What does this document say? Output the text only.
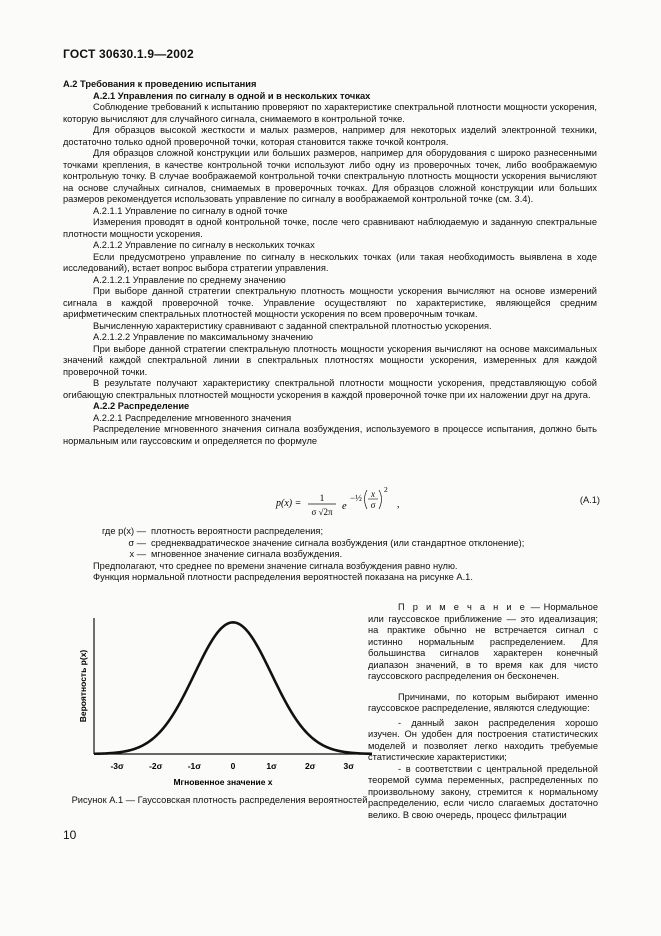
ГОСТ 30630.1.9—2002

А.2 Требования к проведению испытания

А.2.1 Управления по сигналу в одной и в нескольких точках

Соблюдение требований к испытанию проверяют по характеристике спектральной плотности мощности ускорения, которую вычисляют для случайного сигнала, снимаемого в контрольной точке.

Для образцов высокой жесткости и малых размеров, например для некоторых изделий электронной техники, достаточно только одной проверочной точки, которая становится также точкой контроля.

Для образцов сложной конструкции или больших размеров, например для оборудования с широко разнесенными точками крепления, в качестве контрольной точки используют либо одну из проверочных точек, либо воображаемую контрольную точку. В случае воображаемой контрольной точки спектральную плотность мощности ускорения вычисляют на основе случайных сигналов, снимаемых в проверочных точках. Для образцов сложной конструкции или больших размеров рекомендуется использовать управление по сигналу в воображаемой контрольной точке (см. 3.4).

А.2.1.1 Управление по сигналу в одной точке

Измерения проводят в одной контрольной точке, после чего сравнивают наблюдаемую и заданную спектральные плотности мощности ускорения.

А.2.1.2 Управление по сигналу в нескольких точках

Если предусмотрено управление по сигналу в нескольких точках (или такая необходимость выявлена в ходе исследований), встает вопрос выбора стратегии управления.

А.2.1.2.1 Управление по среднему значению

При выборе данной стратегии спектральную плотность мощности ускорения вычисляют на основе измерений сигнала в каждой проверочной точке. Управление осуществляют по характеристике, являющейся средним арифметическим спектральных плотностей мощности ускорения по всем проверочным точкам.

Вычисленную характеристику сравнивают с заданной спектральной плотностью ускорения.

А.2.1.2.2 Управление по максимальному значению

При выборе данной стратегии спектральную плотность мощности ускорения вычисляют на основе максимальных значений каждой спектральной линии в спектральных плотностях мощности ускорения, измеренных для каждой проверочной точки.

В результате получают характеристику спектральной плотности мощности ускорения, представляющую собой огибающую спектральных плотностей мощности ускорения в каждой проверочной точке при их наложении друг на друга.

А.2.2 Распределение

А.2.2.1 Распределение мгновенного значения

Распределение мгновенного значения сигнала возбуждения, используемого в процессе испытания, должно быть нормальным или гауссовским и определяется по формуле

p(x) = 1
σ √2π e
−½ x
σ
2
,	(А.1)
где p(x) — плотность вероятности распределения;
σ — среднеквадратическое значение сигнала возбуждения (или стандартное отклонение);
x — мгновенное значение сигнала возбуждения.
Предполагают, что среднее по времени значение сигнала возбуждения равно нулю.
Функция нормальной плотности распределения вероятностей показана на рисунке А.1.
-3σ	-2σ	-1σ	0	1σ	2σ	3σ
Мгновенное значение x
Вероятность p(x)
Рисунок А.1 — Гауссовская плотность распределения вероятностей

П р и м е ч а н и е — Нормальное или гауссовское приближение — это идеализация; на практике обычно не встречается сигнал с истинно нормальным распределением. Для большинства сигналов характерен конечный диапазон значений, в то время как для чисто гауссовского распределения он бесконечен.

Причинами, по которым выбирают именно гауссовское распределение, являются следующие:

- данный закон распределения хорошо изучен. Он удобен для построения статистических моделей и позволяет легко находить требуемые статистические характеристики;

- в соответствии с центральной предельной теоремой сумма переменных, распределенных по произвольному закону, стремится к нормальному распределению, если число слагаемых достаточно велико. В свою очередь, процесс фильтрации

10
